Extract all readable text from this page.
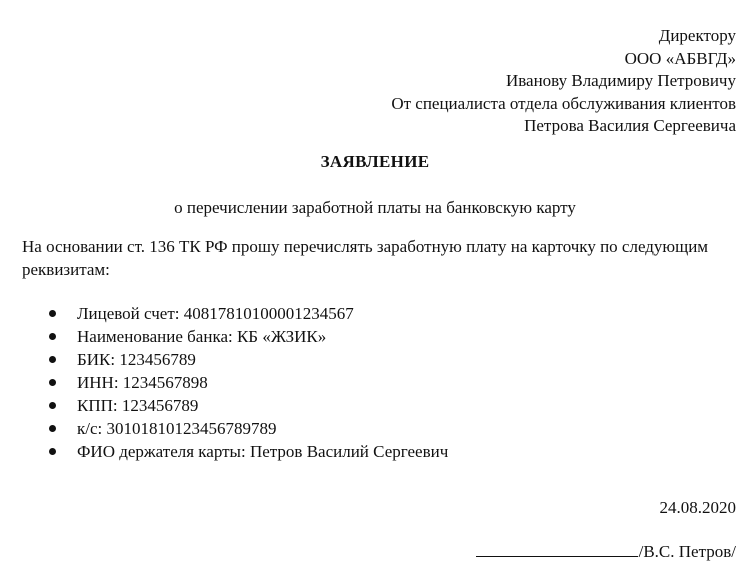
Директору
ООО «АБВГД»
Иванову Владимиру Петровичу
От специалиста отдела обслуживания клиентов
Петрова Василия Сергеевича
ЗАЯВЛЕНИЕ
о перечислении заработной платы на банковскую карту
На основании ст. 136 ТК РФ прошу перечислять заработную плату на карточку по следующим реквизитам:
Лицевой счет: 40817810100001234567
Наименование банка: КБ «ЖЗИК»
БИК: 123456789
ИНН: 1234567898
КПП: 123456789
к/с: 30101810123456789789
ФИО держателя карты: Петров Василий Сергеевич
24.08.2020
/В.С. Петров/
